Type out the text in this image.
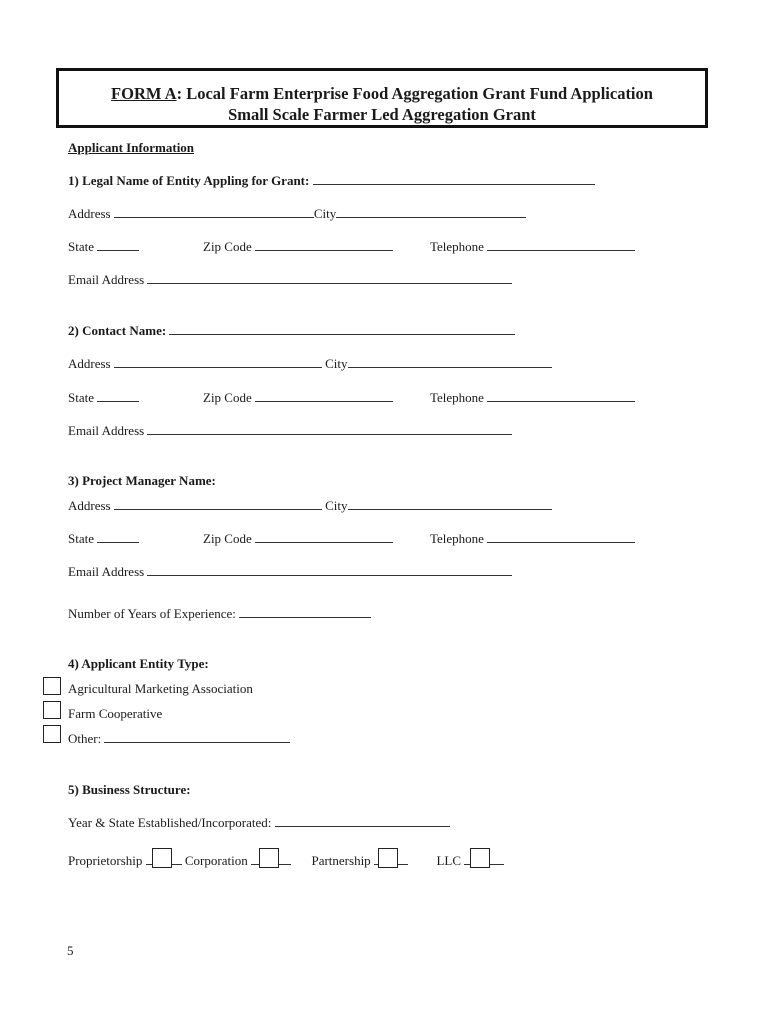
FORM A: Local Farm Enterprise Food Aggregation Grant Fund Application
Small Scale Farmer Led Aggregation Grant
Applicant Information
1) Legal Name of Entity Appling for Grant:
Address	City
State	Zip Code	Telephone
Email Address
2) Contact Name:
Address	City
State	Zip Code	Telephone
Email Address
3) Project Manager Name:
Address	City
State	Zip Code	Telephone
Email Address
Number of Years of Experience:
4) Applicant Entity Type:
Agricultural Marketing Association
Farm Cooperative
Other:
5) Business Structure:
Year & State Established/Incorporated:
Proprietorship	Corporation	Partnership	LLC
5
